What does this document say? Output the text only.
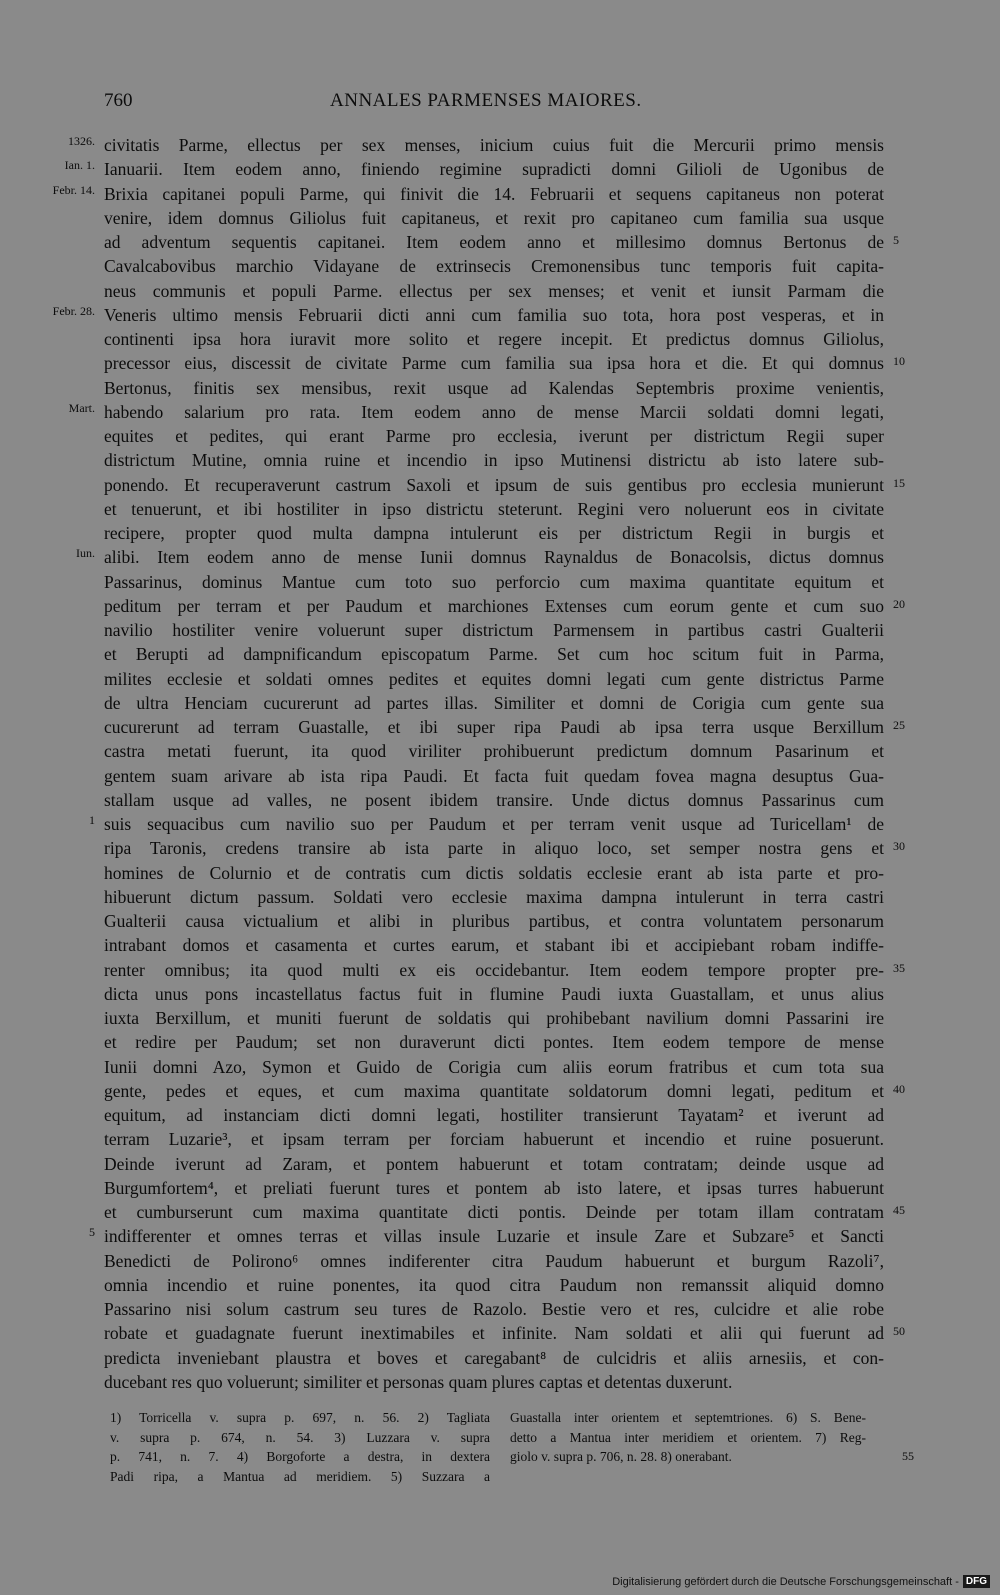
760	ANNALES PARMENSES MAIORES.
1326. civitatis Parme, ellectus per sex menses, inicium cuius fuit die Mercurii primo mensis
Ian. 1. Ianuarii. Item eodem anno, finiendo regimine supradicti domni Gilioli de Ugonibus de
Febr. 14. Brixia capitanei populi Parme, qui finivit die 14. Februarii et sequens capitaneus non poterat
venire, idem domnus Giliolus fuit capitaneus, et rexit pro capitaneo cum familia sua usque
ad adventum sequentis capitanei. Item eodem anno et millesimo domnus Bertonus de 5
Cavalcabovibus marchio Vidayane de extrinsecis Cremonensibus tunc temporis fuit capita-
neus communis et populi Parme. ellectus per sex menses; et venit et iunsit Parmam die
Febr. 28. Veneris ultimo mensis Februarii dicti anni cum familia suo tota, hora post vesperas, et in
continenti ipsa hora iuravit more solito et regere incepit. Et predictus domnus Giliolus,
precessor eius, discessit de civitate Parme cum familia sua ipsa hora et die. Et qui domnus 10
Bertonus, finitis sex mensibus, rexit usque ad Kalendas Septembris proxime venientis,
Mart. habendo salarium pro rata. Item eodem anno de mense Marcii soldati domni legati,
equites et pedites, qui erant Parme pro ecclesia, iverunt per districtum Regii super
districtum Mutine, omnia ruine et incendio in ipso Mutinensi districtu ab isto latere sub-
ponendo. Et recuperaverunt castrum Saxoli et ipsum de suis gentibus pro ecclesia munierunt 15
et tenuerunt, et ibi hostiliter in ipso districtu steterunt. Regini vero noluerunt eos in civitate
recipere, propter quod multa dampna intulerunt eis per districtum Regii in burgis et
Iun. alibi. Item eodem anno de mense Iunii domnus Raynaldus de Bonacolsis, dictus domnus
Passarinus, dominus Mantue cum toto suo perforcio cum maxima quantitate equitum et
peditum per terram et per Paudum et marchiones Extenses cum eorum gente et cum suo 20
navilio hostiliter venire voluerunt super districtum Parmensem in partibus castri Gualterii
et Berupti ad dampnificandum episcopatum Parme. Set cum hoc scitum fuit in Parma,
milites ecclesie et soldati omnes pedites et equites domni legati cum gente districtus Parme
de ultra Henciam cucurerunt ad partes illas. Similiter et domni de Corigia cum gente sua
cucurerunt ad terram Guastalle, et ibi super ripa Paudi ab ipsa terra usque Berxillum 25
castra metati fuerunt, ita quod viriliter prohibuerunt predictum domnum Pasarinum et
gentem suam arivare ab ista ripa Paudi. Et facta fuit quedam fovea magna desuptus Gua-
stallam usque ad valles, ne posent ibidem transire. Unde dictus domnus Passarinus cum
1 suis sequacibus cum navilio suo per Paudum et per terram venit usque ad Turicellam¹ de
ripa Taronis, credens transire ab ista parte in aliquo loco, set semper nostra gens et 30
homines de Colurnio et de contratis cum dictis soldatis ecclesie erant ab ista parte et pro-
hibuerunt dictum passum. Soldati vero ecclesie maxima dampna intulerunt in terra castri
Gualterii causa victualium et alibi in pluribus partibus, et contra voluntatem personarum
intrabant domos et casamenta et curtes earum, et stabant ibi et accipiebant robam indiffe-
renter omnibus; ita quod multi ex eis occidebantur. Item eodem tempore propter pre- 35
dicta unus pons incastellatus factus fuit in flumine Paudi iuxta Guastallam, et unus alius
iuxta Berxillum, et muniti fuerunt de soldatis qui prohibebant navilium domni Passarini ire
et redire per Paudum; set non duraverunt dicti pontes. Item eodem tempore de mense
Iunii domni Azo, Symon et Guido de Corigia cum aliis eorum fratribus et cum tota sua
gente, pedes et eques, et cum maxima quantitate soldatorum domni legati, peditum et 40
equitum, ad instanciam dicti domni legati, hostiliter transierunt Tayatam² et iverunt ad
terram Luzarie³, et ipsam terram per forciam habuerunt et incendio et ruine posuerunt.
Deinde iverunt ad Zaram, et pontem habuerunt et totam contratam; deinde usque ad
Burgumfortem⁴, et preliati fuerunt tures et pontem ab isto latere, et ipsas turres habuerunt
et cumburserunt cum maxima quantitate dicti pontis. Deinde per totam illam contratam 45
5 indifferenter et omnes terras et villas insule Luzarie et insule Zare et Subzare⁵ et Sancti
Benedicti de Polirono⁶ omnes indiferenter citra Paudum habuerunt et burgum Razoli⁷,
omnia incendio et ruine ponentes, ita quod citra Paudum non remanssit aliquid domno
Passarino nisi solum castrum seu tures de Razolo. Bestie vero et res, culcidre et alie robe
robate et guadagnate fuerunt inextimabiles et infinite. Nam soldati et alii qui fuerunt ad 50
predicta inveniebant plaustra et boves et caregabant⁸ de culcidris et aliis arnesiis, et con-
ducebant res quo voluerunt; similiter et personas quam plures captas et detentas duxerunt.
1) Torricella v. supra p. 697, n. 56. 2) Tagliata Guastalla inter orientem et septemtriones. 6) S. Bene-
v. supra p. 674, n. 54. 3) Luzzara v. supra detto a Mantua inter meridiem et orientem. 7) Reg-
p. 741, n. 7. 4) Borgoforte a destra, in dextera giolo v. supra p. 706, n. 28. 8) onerabant.	55
Padi ripa, a Mantua ad meridiem. 5) Suzzara a
Digitalisierung gefördert durch die Deutsche Forschungsgemeinschaft - DFG
